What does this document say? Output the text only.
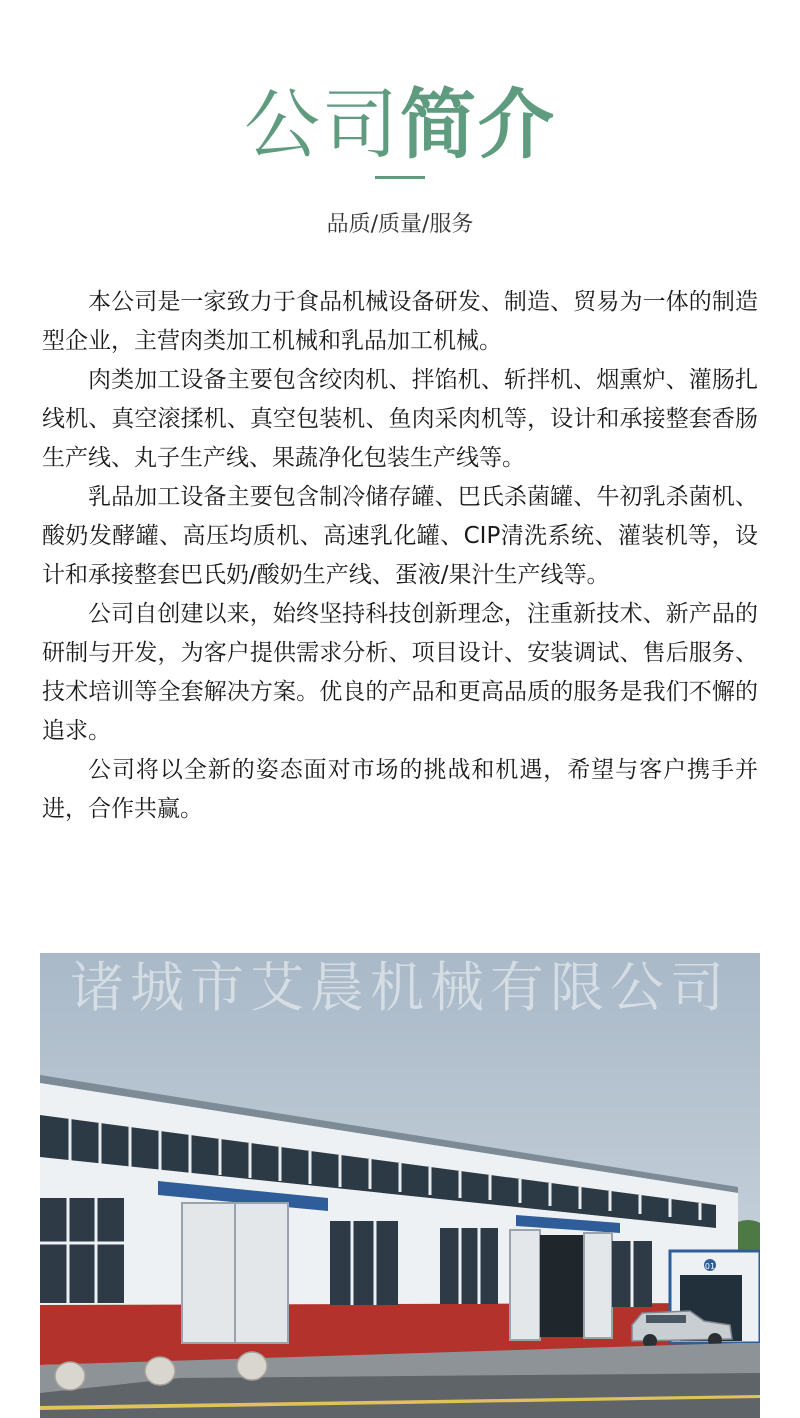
公司简介
品质/质量/服务

本公司是一家致力于食品机械设备研发、制造、贸易为一体的制造型企业，主营肉类加工机械和乳品加工机械。

肉类加工设备主要包含绞肉机、拌馅机、斩拌机、烟熏炉、灌肠扎线机、真空滚揉机、真空包装机、鱼肉采肉机等，设计和承接整套香肠生产线、丸子生产线、果蔬净化包装生产线等。

乳品加工设备主要包含制冷储存罐、巴氏杀菌罐、牛初乳杀菌机、酸奶发酵罐、高压均质机、高速乳化罐、CIP清洗系统、灌装机等，设计和承接整套巴氏奶/酸奶生产线、蛋液/果汁生产线等。

公司自创建以来，始终坚持科技创新理念，注重新技术、新产品的研制与开发，为客户提供需求分析、项目设计、安装调试、售后服务、技术培训等全套解决方案。优良的产品和更高品质的服务是我们不懈的追求。

公司将以全新的姿态面对市场的挑战和机遇，希望与客户携手并进，合作共赢。

01
诸城市艾晨机械有限公司
